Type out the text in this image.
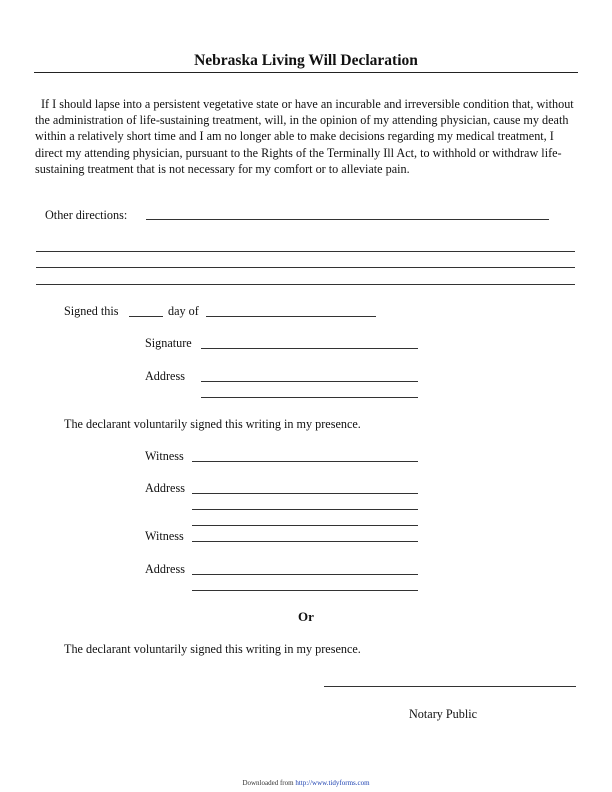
Nebraska Living Will Declaration

If I should lapse into a persistent vegetative state or have an incurable and irreversible condition that, without the administration of life-sustaining treatment, will, in the opinion of my attending physician, cause my death within a relatively short time and I am no longer able to make decisions regarding my medical treatment, I direct my attending physician, pursuant to the Rights of the Terminally Ill Act, to withhold or withdraw life-sustaining treatment that is not necessary for my comfort or to alleviate pain.

Other directions:
Signed this	day of
Signature
Address
The declarant voluntarily signed this writing in my presence.
Witness
Address
Witness
Address
Or
The declarant voluntarily signed this writing in my presence.
Notary Public
Downloaded from http://www.tidyforms.com
